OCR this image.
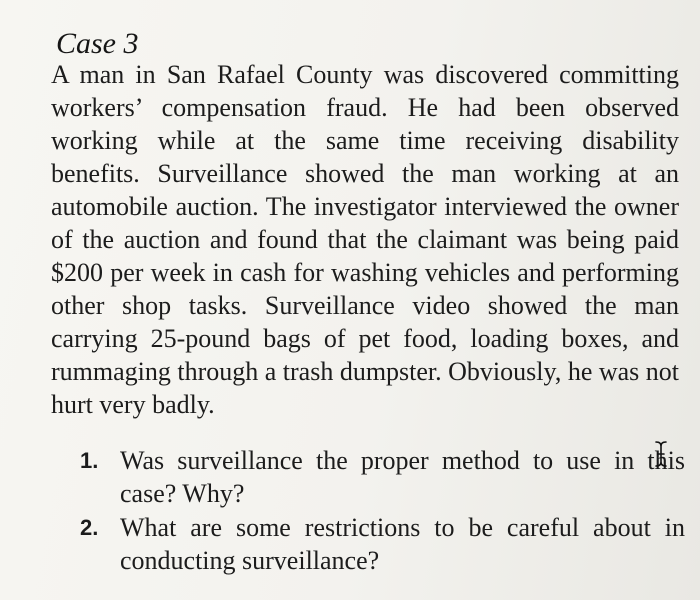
Case 3
A man in San Rafael County was discovered committing workers’ compensation fraud. He had been observed working while at the same time receiving disability benefits. Surveillance showed the man working at an automobile auction. The investigator interviewed the owner of the auction and found that the claimant was being paid $200 per week in cash for washing vehicles and performing other shop tasks. Surveillance video showed the man carrying 25-pound bags of pet food, loading boxes, and rummaging through a trash dumpster. Obviously, he was not hurt very badly.
1. Was surveillance the proper method to use in this case? Why?
2. What are some restrictions to be careful about in conducting surveillance?
